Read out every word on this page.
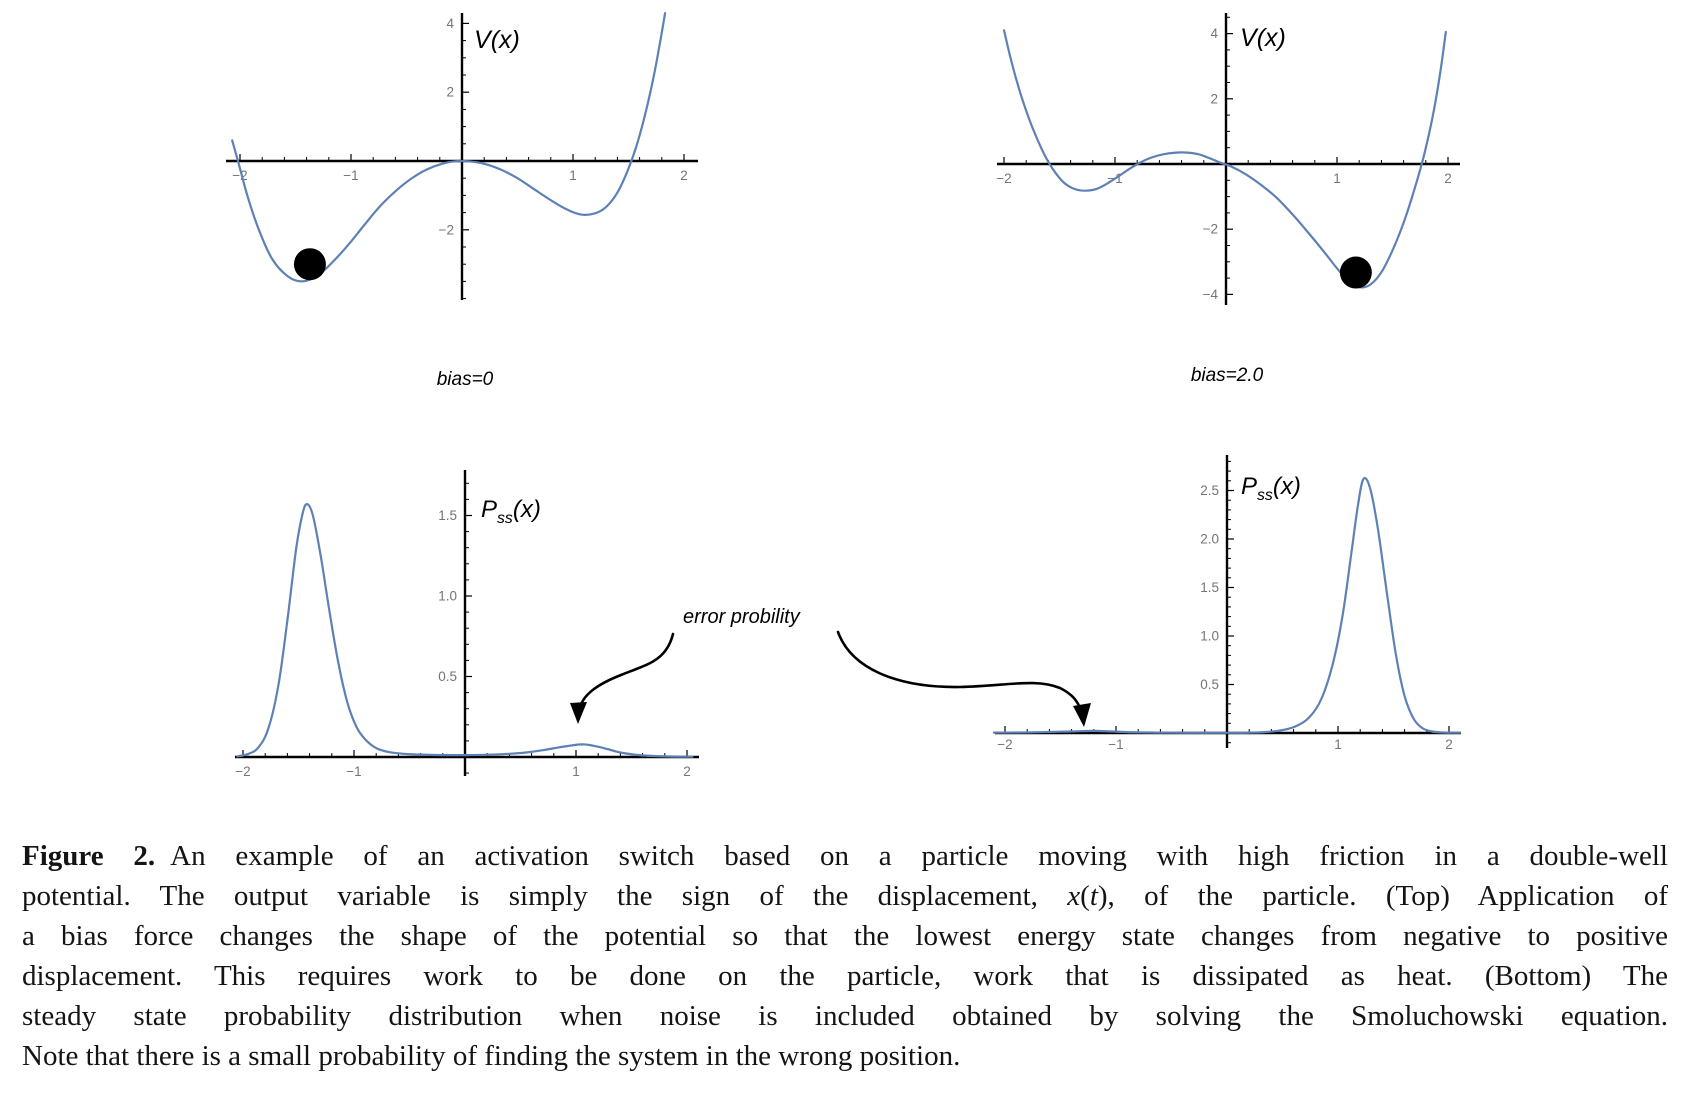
−2	−1	1	2
4
2
−2
V(x)
bias=0
−2	−1	1	2
4
2
−2
−4
V(x)
bias=2.0
−2	−1	1	2
0.5
1.0
1.5 $P_{ss}(x)$
−2	−1	1	2
0.5
1.0
1.5
2.0
2.5 $P_{ss}(x)$
error probility
Figure 2. An example of an activation switch based on a particle moving with high friction in a double-well
potential. The output variable is simply the sign of the displacement, x(t), of the particle. (Top) Application of
a bias force changes the shape of the potential so that the lowest energy state changes from negative to positive
displacement. This requires work to be done on the particle, work that is dissipated as heat. (Bottom) The
steady state probability distribution when noise is included obtained by solving the Smoluchowski equation.
Note that there is a small probability of finding the system in the wrong position.
